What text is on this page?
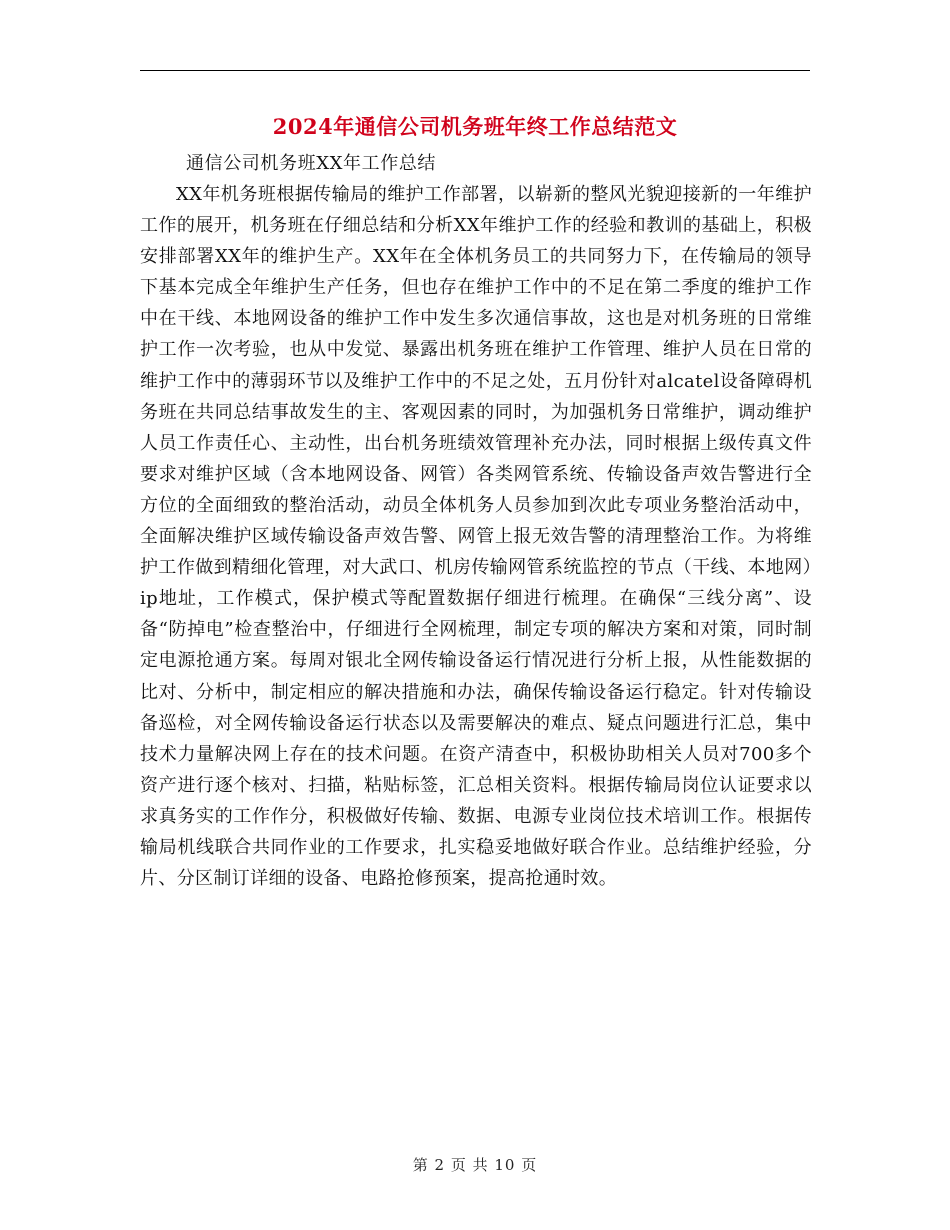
2024年通信公司机务班年终工作总结范文
通信公司机务班XX年工作总结

XX年机务班根据传输局的维护工作部署，以崭新的整风光貌迎接新的一年维护工作的展开，机务班在仔细总结和分析XX年维护工作的经验和教训的基础上，积极安排部署XX年的维护生产。XX年在全体机务员工的共同努力下，在传输局的领导下基本完成全年维护生产任务，但也存在维护工作中的不足在第二季度的维护工作中在干线、本地网设备的维护工作中发生多次通信事故，这也是对机务班的日常维护工作一次考验，也从中发觉、暴露出机务班在维护工作管理、维护人员在日常的维护工作中的薄弱环节以及维护工作中的不足之处，五月份针对alcatel设备障碍机务班在共同总结事故发生的主、客观因素的同时，为加强机务日常维护，调动维护人员工作责任心、主动性，出台机务班绩效管理补充办法，同时根据上级传真文件要求对维护区域（含本地网设备、网管）各类网管系统、传输设备声效告警进行全方位的全面细致的整治活动，动员全体机务人员参加到次此专项业务整治活动中，全面解决维护区域传输设备声效告警、网管上报无效告警的清理整治工作。为将维护工作做到精细化管理，对大武口、机房传输网管系统监控的节点（干线、本地网）ip地址，工作模式，保护模式等配置数据仔细进行梳理。在确保“三线分离”、设备“防掉电”检查整治中，仔细进行全网梳理，制定专项的解决方案和对策，同时制定电源抢通方案。每周对银北全网传输设备运行情况进行分析上报，从性能数据的比对、分析中，制定相应的解决措施和办法，确保传输设备运行稳定。针对传输设备巡检，对全网传输设备运行状态以及需要解决的难点、疑点问题进行汇总，集中技术力量解决网上存在的技术问题。在资产清查中，积极协助相关人员对700多个资产进行逐个核对、扫描，粘贴标签，汇总相关资料。根据传输局岗位认证要求以求真务实的工作作分，积极做好传输、数据、电源专业岗位技术培训工作。根据传输局机线联合共同作业的工作要求，扎实稳妥地做好联合作业。总结维护经验，分片、分区制订详细的设备、电路抢修预案，提高抢通时效。

第 2 页 共 10 页
